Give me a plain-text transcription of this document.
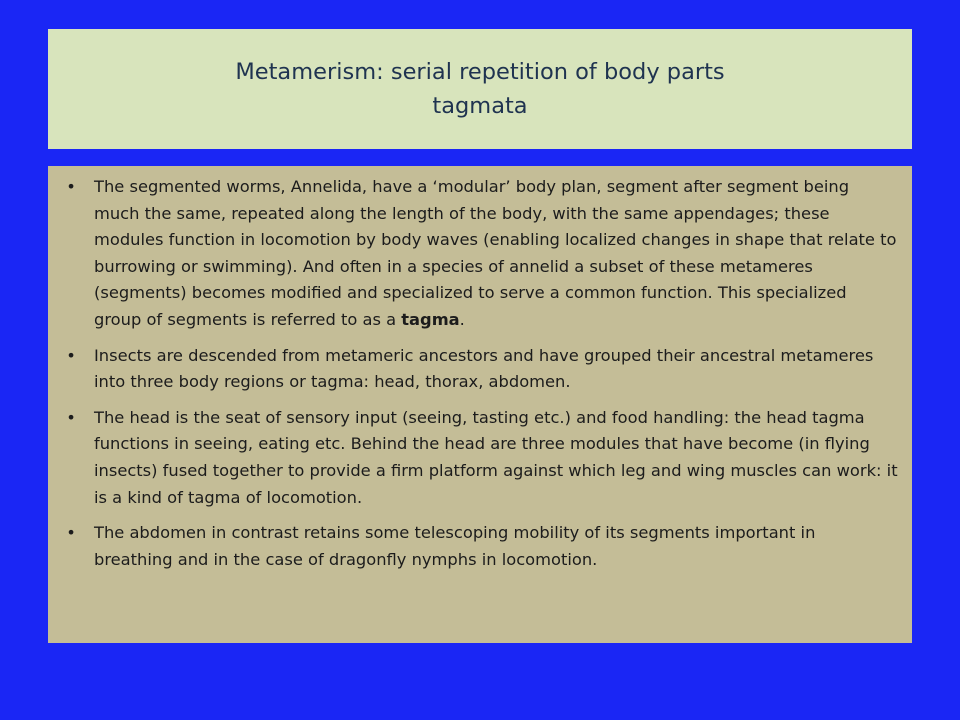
Metamerism: serial repetition of body parts
tagmata
• The segmented worms, Annelida, have a ‘modular’ body plan, segment after segment being much the same, repeated along the length of the body, with the same appendages; these modules function in locomotion by body waves (enabling localized changes in shape that relate to burrowing or swimming). And often in a species of annelid a subset of these metameres (segments) becomes modified and specialized to serve a common function. This specialized group of segments is referred to as a tagma.
• Insects are descended from metameric ancestors and have grouped their ancestral metameres into three body regions or tagma: head, thorax, abdomen.
• The head is the seat of sensory input (seeing, tasting etc.) and food handling: the head tagma functions in seeing, eating etc. Behind the head are three modules that have become (in flying insects) fused together to provide a firm platform against which leg and wing muscles can work: it is a kind of tagma of locomotion.
• The abdomen in contrast retains some telescoping mobility of its segments important in breathing and in the case of dragonfly nymphs in locomotion.
